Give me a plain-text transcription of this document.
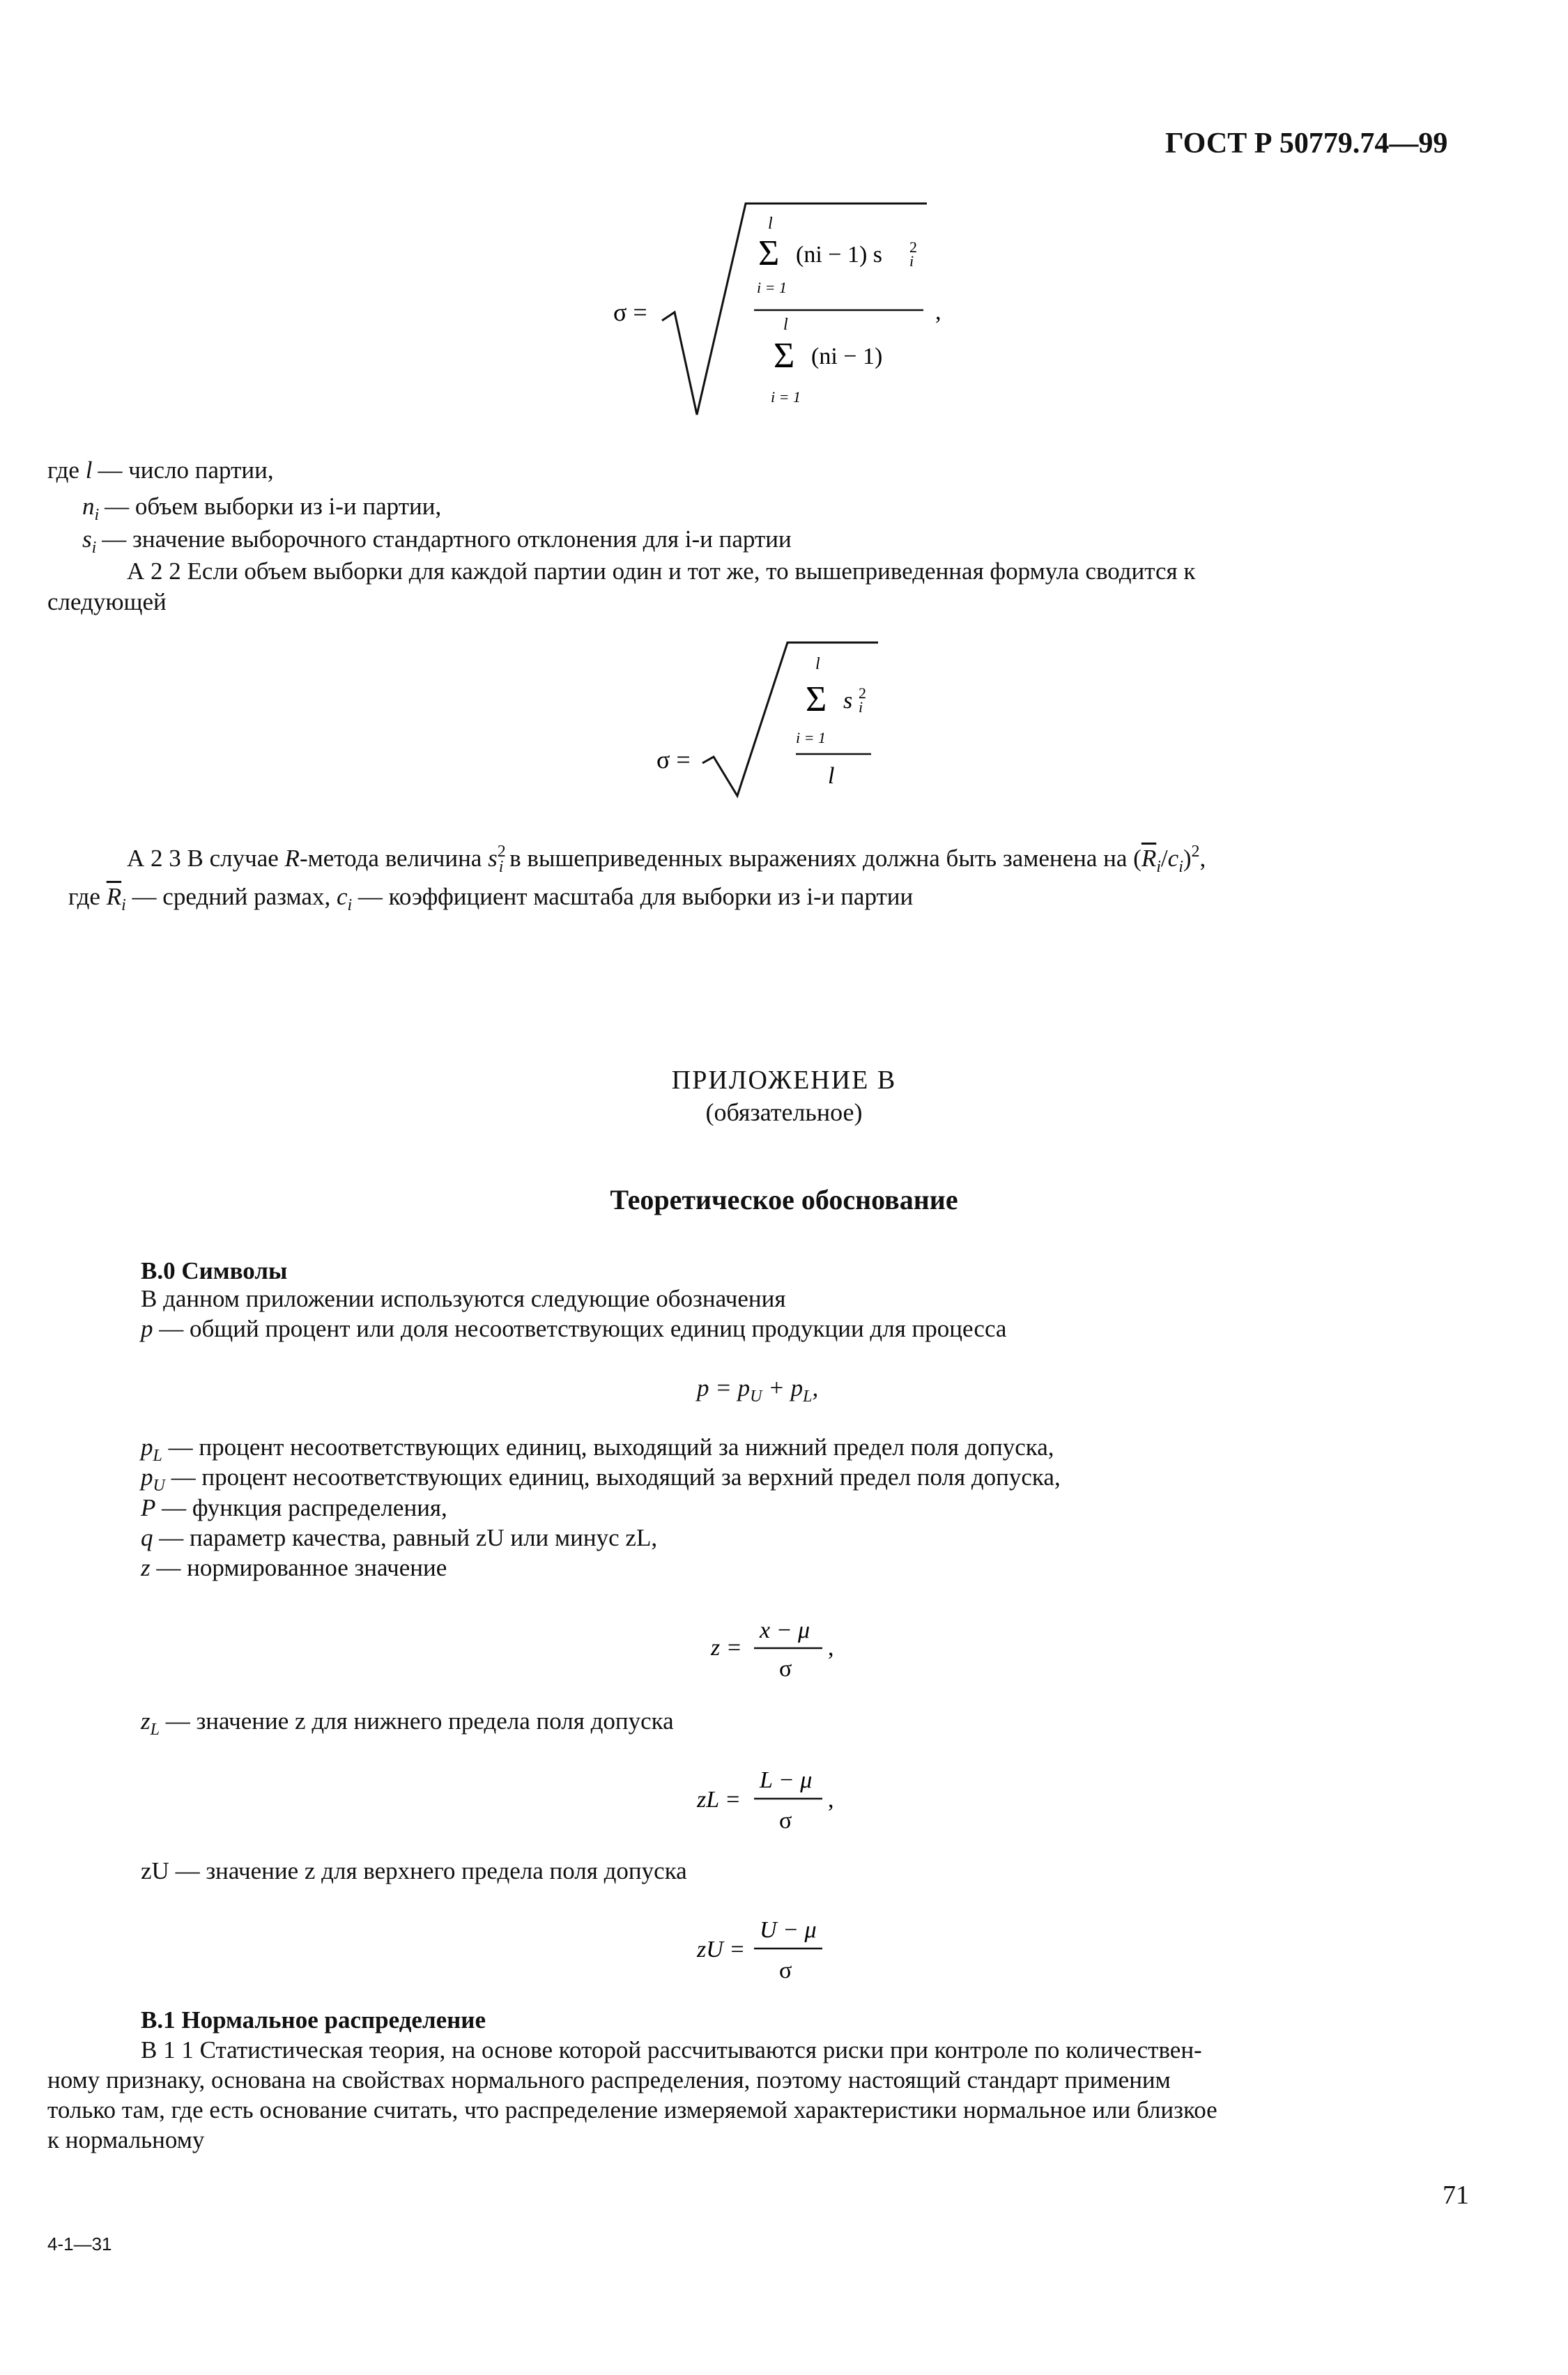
ГОСТ Р 50779.74—99
σ =
l
Σ (ni − 1) s 2
i
i = 1
l
Σ (ni − 1)
i = 1
,
где l — число партии,
$n_i$ — объем выборки из i-и партии,
$s_i$ — значение выборочного стандартного отклонения для i-и партии
А 2 2 Если объем выборки для каждой партии один и тот же, то вышеприведенная формула сводится к
следующей
σ =
l
Σ s 2
i
i = 1
l
А 2 3 В случае R-метода величина $s^2_i$ в вышеприведенных выражениях должна быть заменена на $(\overline{R}_i/c_i)^2$,
где $\overline{R}_i$ — средний размах, $c_i$ — коэффициент масштаба для выборки из i-и партии
ПРИЛОЖЕНИЕ В
(обязательное)
Теоретическое обоснование
В.0 Символы
В данном приложении используются следующие обозначения
p — общий процент или доля несоответствующих единиц продукции для процесса
$p = p_U + p_L$,
$p_L$ — процент несоответствующих единиц, выходящий за нижний предел поля допуска,
$p_U$ — процент несоответствующих единиц, выходящий за верхний предел поля допуска,
P — функция распределения,
q — параметр качества, равный zU или минус zL,
z — нормированное значение
z =
x − μ
σ
,
$z_L$ — значение z для нижнего предела поля допуска
zL =
L − μ
σ
,
zU — значение z для верхнего предела поля допуска
zU =
U − μ
σ
В.1 Нормальное распределение
В 1 1 Статистическая теория, на основе которой рассчитываются риски при контроле по количествен-
ному признаку, основана на свойствах нормального распределения, поэтому настоящий стандарт применим
только там, где есть основание считать, что распределение измеряемой характеристики нормальное или близкое
к нормальному
71
4-1—31
